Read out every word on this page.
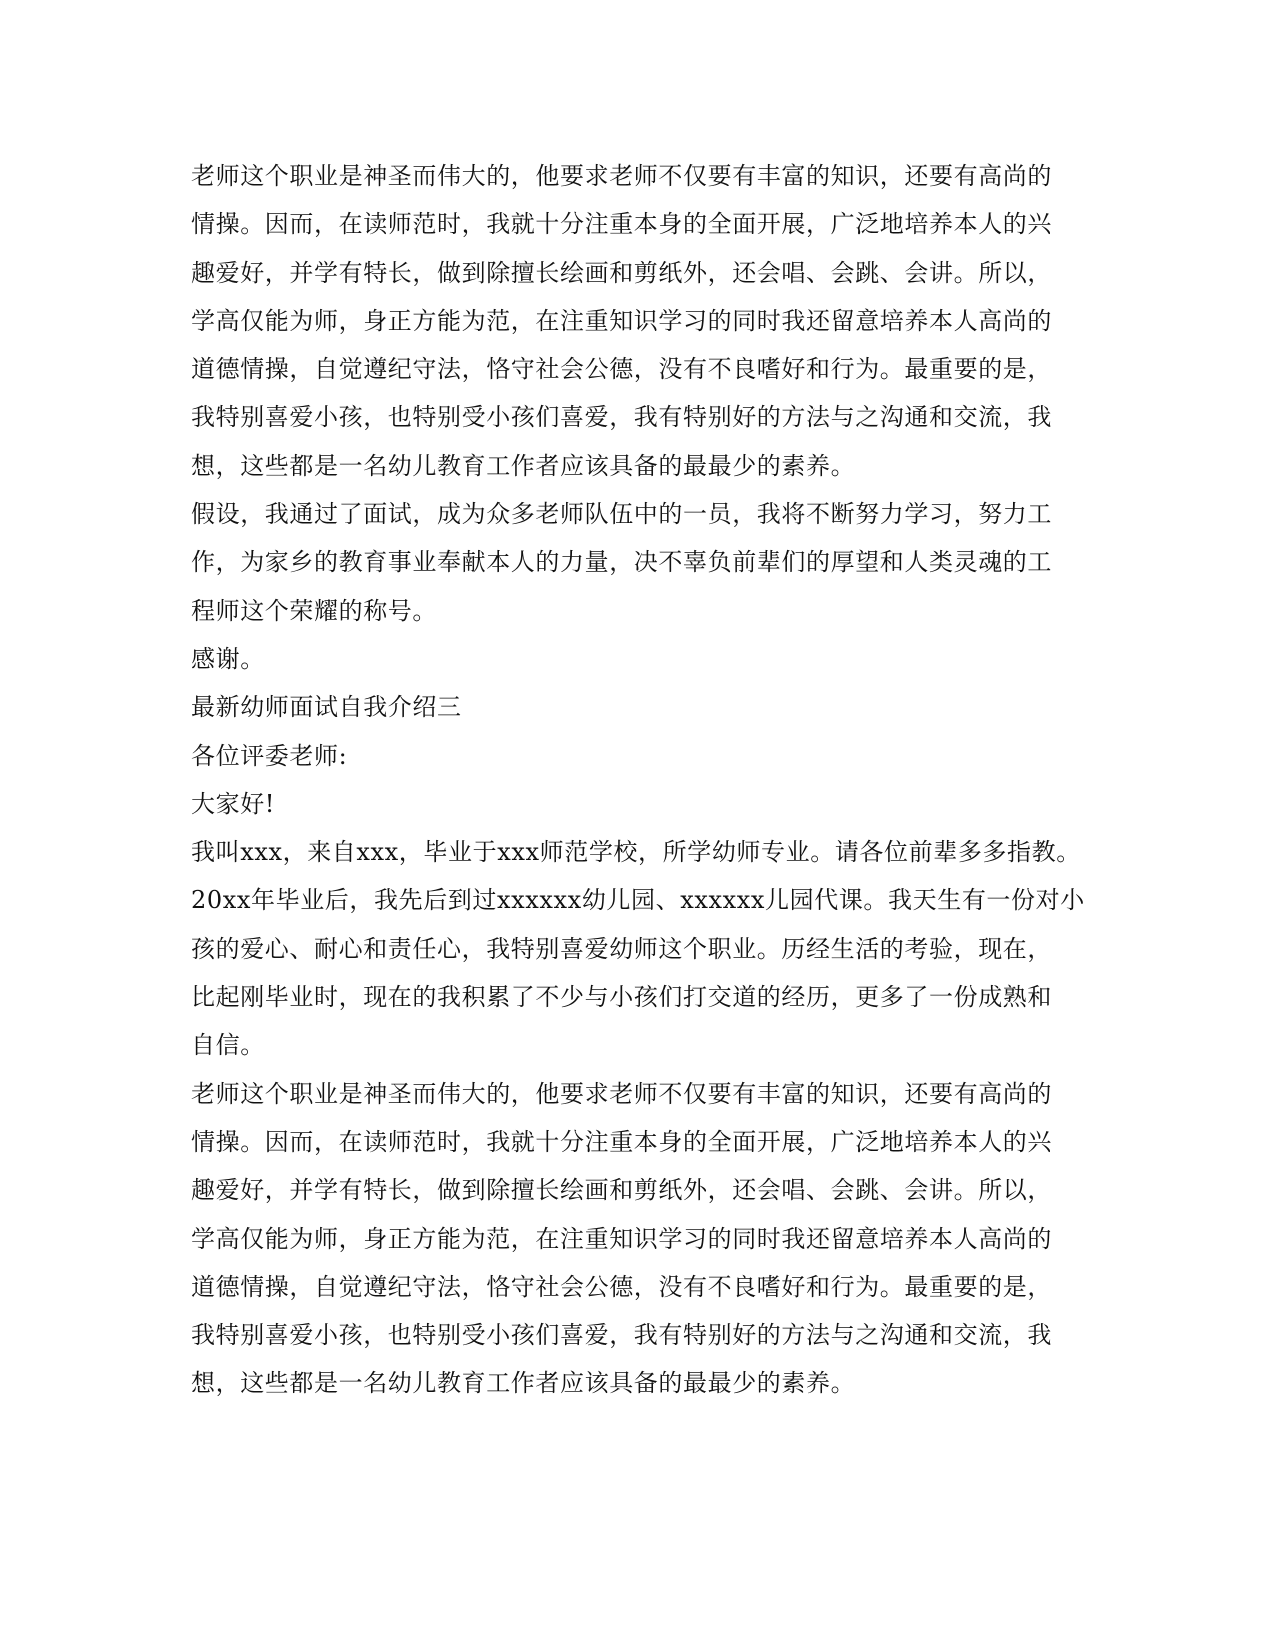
老师这个职业是神圣而伟大的，他要求老师不仅要有丰富的知识，还要有高尚的
情操。因而，在读师范时，我就十分注重本身的全面开展，广泛地培养本人的兴
趣爱好，并学有特长，做到除擅长绘画和剪纸外，还会唱、会跳、会讲。所以，
学高仅能为师，身正方能为范，在注重知识学习的同时我还留意培养本人高尚的
道德情操，自觉遵纪守法，恪守社会公德，没有不良嗜好和行为。最重要的是，
我特别喜爱小孩，也特别受小孩们喜爱，我有特别好的方法与之沟通和交流，我
想，这些都是一名幼儿教育工作者应该具备的最最少的素养。
假设，我通过了面试，成为众多老师队伍中的一员，我将不断努力学习，努力工
作，为家乡的教育事业奉献本人的力量，决不辜负前辈们的厚望和人类灵魂的工
程师这个荣耀的称号。
感谢。
最新幼师面试自我介绍三
各位评委老师:
大家好!
我叫xxx，来自xxx，毕业于xxx师范学校，所学幼师专业。请各位前辈多多指教。
20xx年毕业后，我先后到过xxxxxx幼儿园、xxxxxx儿园代课。我天生有一份对小
孩的爱心、耐心和责任心，我特别喜爱幼师这个职业。历经生活的考验，现在，
比起刚毕业时，现在的我积累了不少与小孩们打交道的经历，更多了一份成熟和
自信。
老师这个职业是神圣而伟大的，他要求老师不仅要有丰富的知识，还要有高尚的
情操。因而，在读师范时，我就十分注重本身的全面开展，广泛地培养本人的兴
趣爱好，并学有特长，做到除擅长绘画和剪纸外，还会唱、会跳、会讲。所以，
学高仅能为师，身正方能为范，在注重知识学习的同时我还留意培养本人高尚的
道德情操，自觉遵纪守法，恪守社会公德，没有不良嗜好和行为。最重要的是，
我特别喜爱小孩，也特别受小孩们喜爱，我有特别好的方法与之沟通和交流，我
想，这些都是一名幼儿教育工作者应该具备的最最少的素养。
